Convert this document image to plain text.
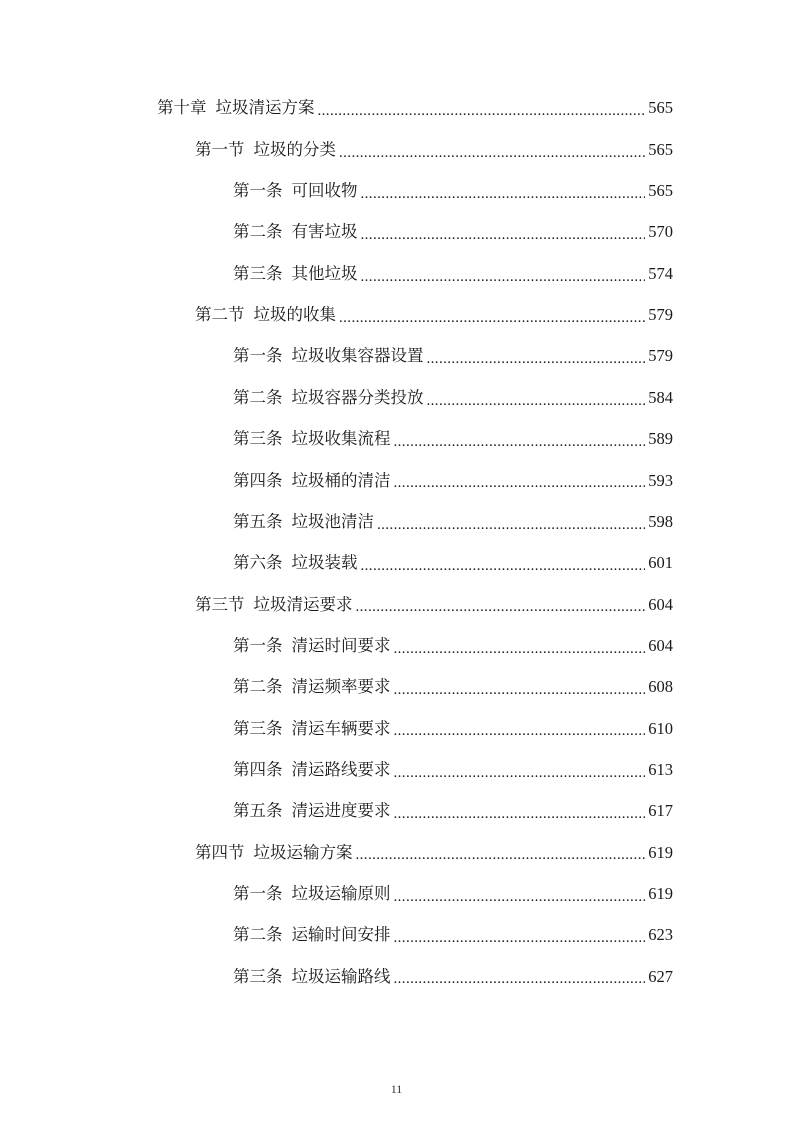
第十章 垃圾清运方案 .....	565
第一节 垃圾的分类 .....	565
第一条 可回收物 .....	565
第二条 有害垃圾 .....	570
第三条 其他垃圾 .....	574
第二节 垃圾的收集 .....	579
第一条 垃圾收集容器设置 .....	579
第二条 垃圾容器分类投放 .....	584
第三条 垃圾收集流程 .....	589
第四条 垃圾桶的清洁 .....	593
第五条 垃圾池清洁 .....	598
第六条 垃圾装载 .....	601
第三节 垃圾清运要求 .....	604
第一条 清运时间要求 .....	604
第二条 清运频率要求 .....	608
第三条 清运车辆要求 .....	610
第四条 清运路线要求 .....	613
第五条 清运进度要求 .....	617
第四节 垃圾运输方案 .....	619
第一条 垃圾运输原则 .....	619
第二条 运输时间安排 .....	623
第三条 垃圾运输路线 .....	627
11
